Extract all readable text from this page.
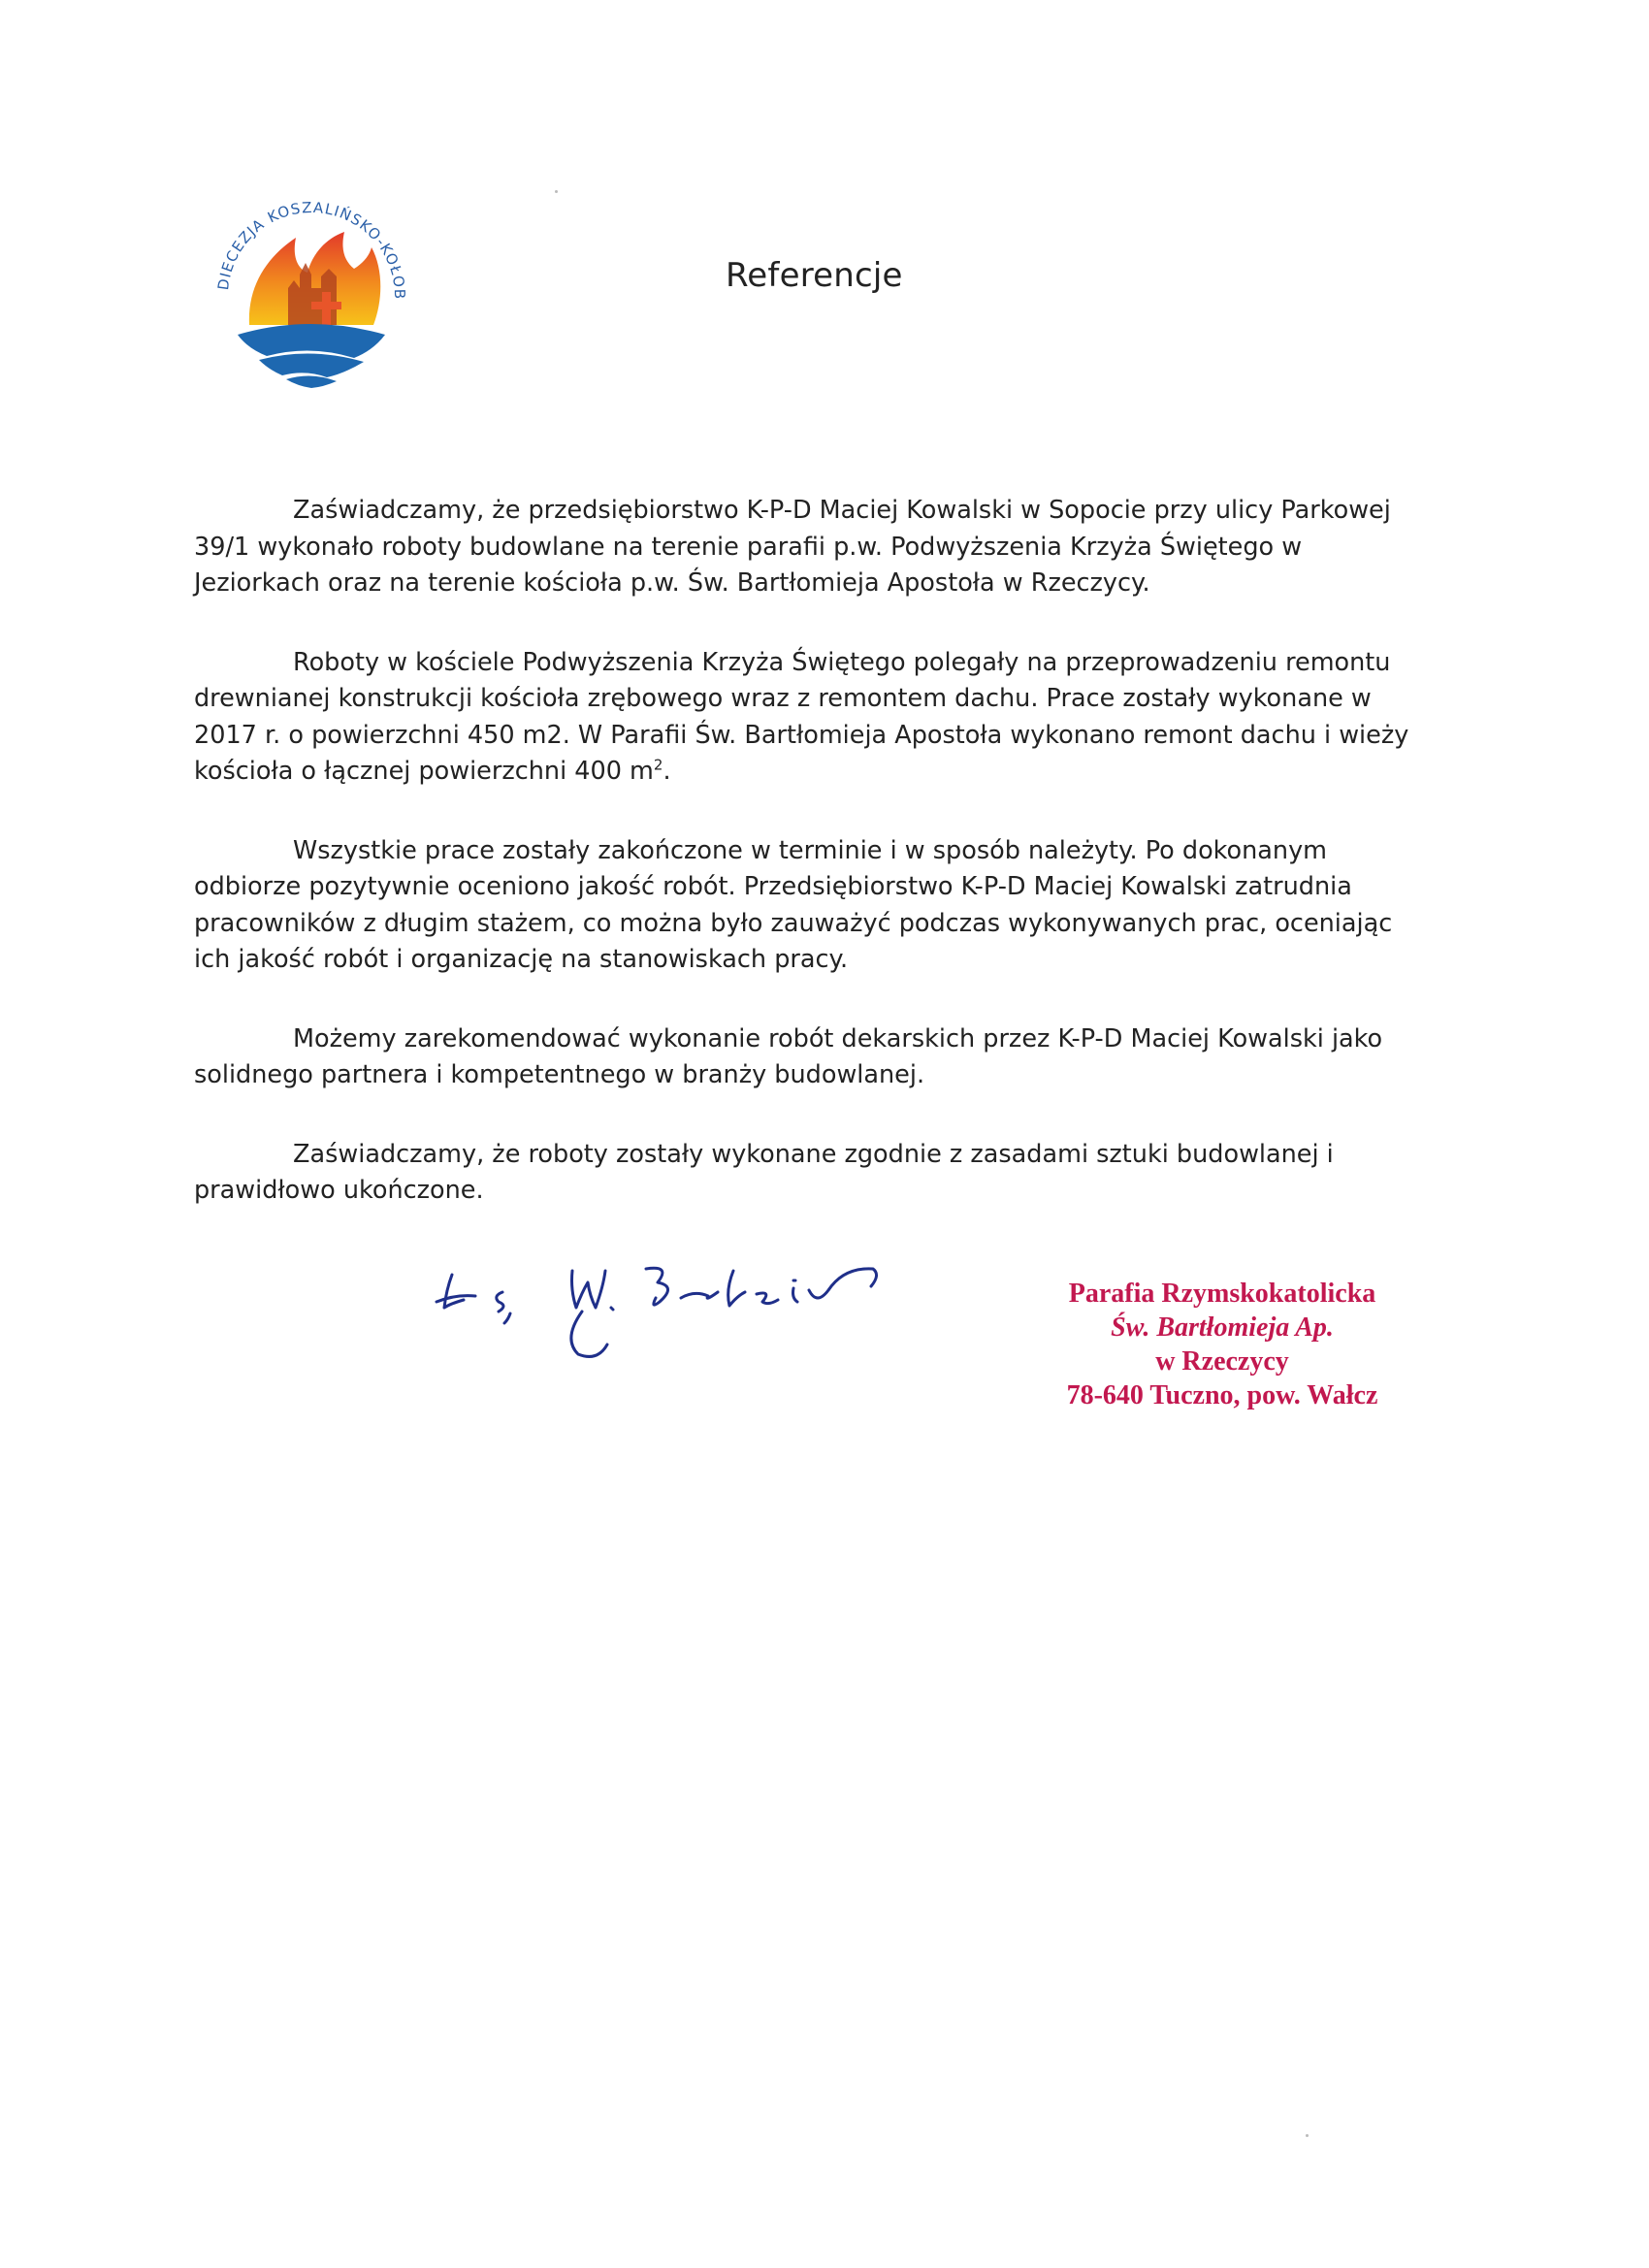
DIECEZJA KOSZALIŃSKO-KOŁOB	Referencje

Zaświadczamy, że przedsiębiorstwo K-P-D Maciej Kowalski w Sopocie przy ulicy Parkowej 39/1 wykonało roboty budowlane na terenie parafii p.w. Podwyższenia Krzyża Świętego w Jeziorkach oraz na terenie kościoła p.w. Św. Bartłomieja Apostoła w Rzeczycy.

Roboty w kościele Podwyższenia Krzyża Świętego polegały na przeprowadzeniu remontu drewnianej konstrukcji kościoła zrębowego wraz z remontem dachu. Prace zostały wykonane w 2017 r. o powierzchni 450 m2. W Parafii Św. Bartłomieja Apostoła wykonano remont dachu i wieży kościoła o łącznej powierzchni 400 $m^2$.

Wszystkie prace zostały zakończone w terminie i w sposób należyty. Po dokonanym odbiorze pozytywnie oceniono jakość robót. Przedsiębiorstwo K-P-D Maciej Kowalski zatrudnia pracowników z długim stażem, co można było zauważyć podczas wykonywanych prac, oceniając ich jakość robót i organizację na stanowiskach pracy.

Możemy zarekomendować wykonanie robót dekarskich przez K-P-D Maciej Kowalski jako solidnego partnera i kompetentnego w branży budowlanej.

Zaświadczamy, że roboty zostały wykonane zgodnie z zasadami sztuki budowlanej i prawidłowo ukończone.

Parafia Rzymskokatolicka
Św. Bartłomieja Ap.
w Rzeczycy
78-640 Tuczno, pow. Wałcz
